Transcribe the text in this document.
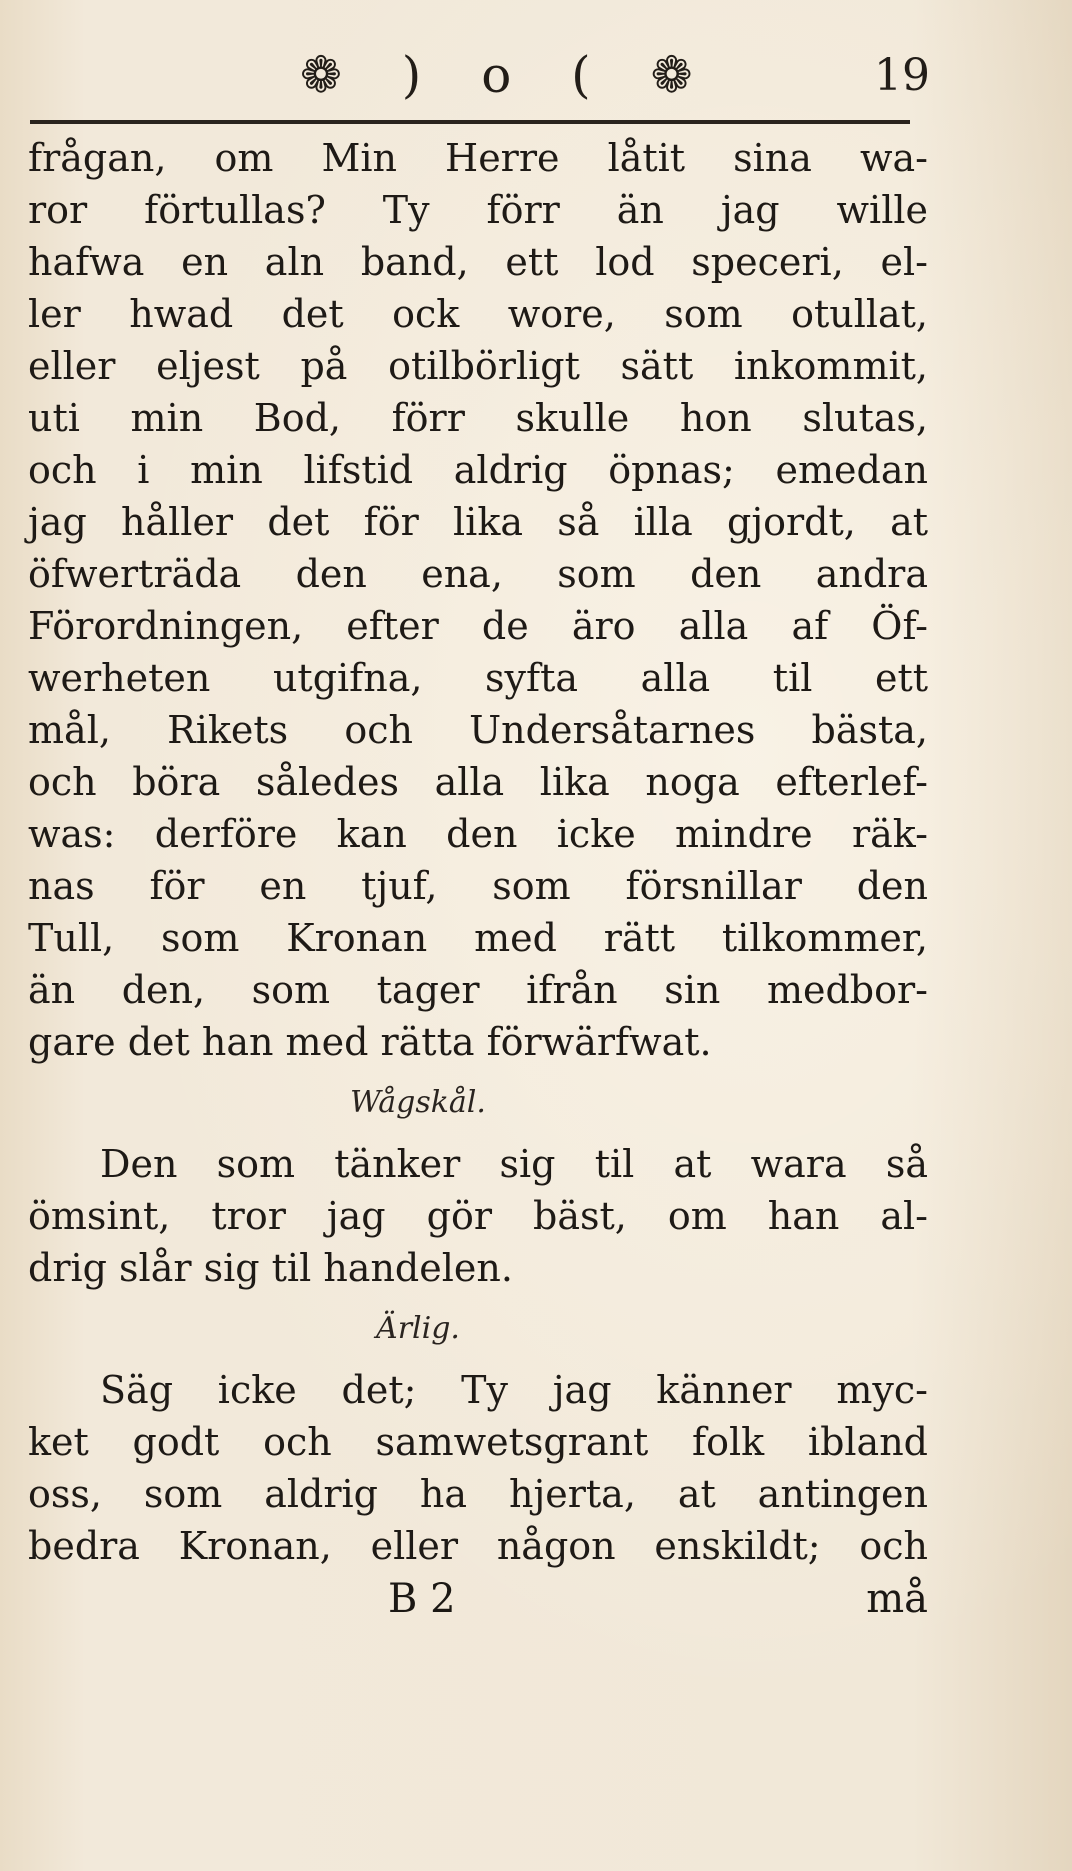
❁ ) o ( ❁	19
frågan, om Min Herre låtit sina wa-
ror förtullas? Ty förr än jag wille
hafwa en aln band, ett lod speceri, el-
ler hwad det ock wore, som otullat,
eller eljest på otilbörligt sätt inkommit,
uti min Bod, förr skulle hon slutas,
och i min lifstid aldrig öpnas; emedan
jag håller det för lika så illa gjordt, at
öfwerträda den ena, som den andra
Förordningen, efter de äro alla af Öf-
werheten utgifna, syfta alla til ett
mål, Rikets och Undersåtarnes bästa,
och böra således alla lika noga efterlef-
was: derföre kan den icke mindre räk-
nas för en tjuf, som försnillar den
Tull, som Kronan med rätt tilkommer,
än den, som tager ifrån sin medbor-
gare det han med rätta förwärfwat.
Wågskål.
Den som tänker sig til at wara så
ömsint, tror jag gör bäst, om han al-
drig slår sig til handelen.
Ärlig.
Säg icke det; Ty jag känner myc-
ket godt och samwetsgrant folk ibland
oss, som aldrig ha hjerta, at antingen
bedra Kronan, eller någon enskildt; och
B 2	må
